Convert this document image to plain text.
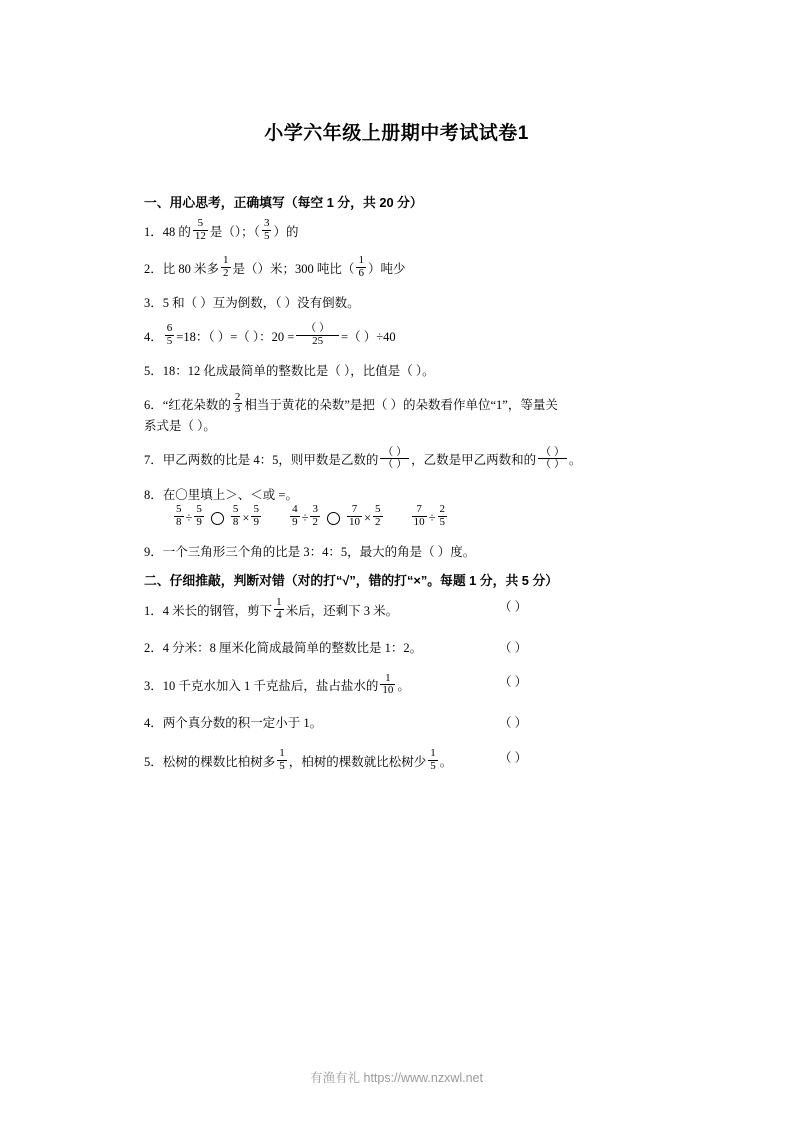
小学六年级上册期中考试试卷1
一、用心思考，正确填写（每空 1 分，共 20 分）
1．48 的 $\frac{5}{12}$ 是（）；（ $\frac{3}{5}$ ）的
2．比 80 米多 $\frac{1}{2}$ 是（）米；300 吨比（ $\frac{1}{6}$ ）吨少
3．5 和（ ）互为倒数，（ ）没有倒数。
4． $\frac{6}{5} =18$：（ ）=（ ）：$20 = \frac{( )}{25}$ =（ ）÷40
5．18：12 化成最简单的整数比是（ ），比值是（ ）。
6．“红花朵数的 $\frac{2}{3}$ 相当于黄花的朵数”是把（ ）的朵数看作单位“1”，等量关
系式是（ ）。
7．甲乙两数的比是 4：5，则甲数是乙数的 $\frac{( )}{( )}$ ，乙数是甲乙两数和的 $\frac{( )}{( )}$ 。
8．在〇里填上＞、＜或 =。
$\frac{5}{8} \div \frac{5}{9} \frac{5}{8} \times \frac{5}{9}$
	$\frac{4}{9} \div \frac{3}{2} \frac{7}{10} \times \frac{5}{2}$
	$\frac{7}{10} \div \frac{2}{5}$
9．一个三角形三个角的比是 3：4：5，最大的角是（ ）度。
二、仔细推敲，判断对错（对的打“√”，错的打“×”。每题 1 分，共 5 分）
1．4 米长的钢管，剪下 $\frac{1}{4}$ 米后，还剩下 3 米。	（ ）
2．4 分米：8 厘米化简成最简单的整数比是 1：2。	（ ）
3．10 千克水加入 1 千克盐后，盐占盐水的 $\frac{1}{10}$ 。	（ ）
4．两个真分数的积一定小于 1。	（ ）
5．松树的棵数比柏树多 $\frac{1}{5}$ ，柏树的棵数就比松树少 $\frac{1}{5}$ 。	（ ）
有渔有礼 https://www.nzxwl.net
